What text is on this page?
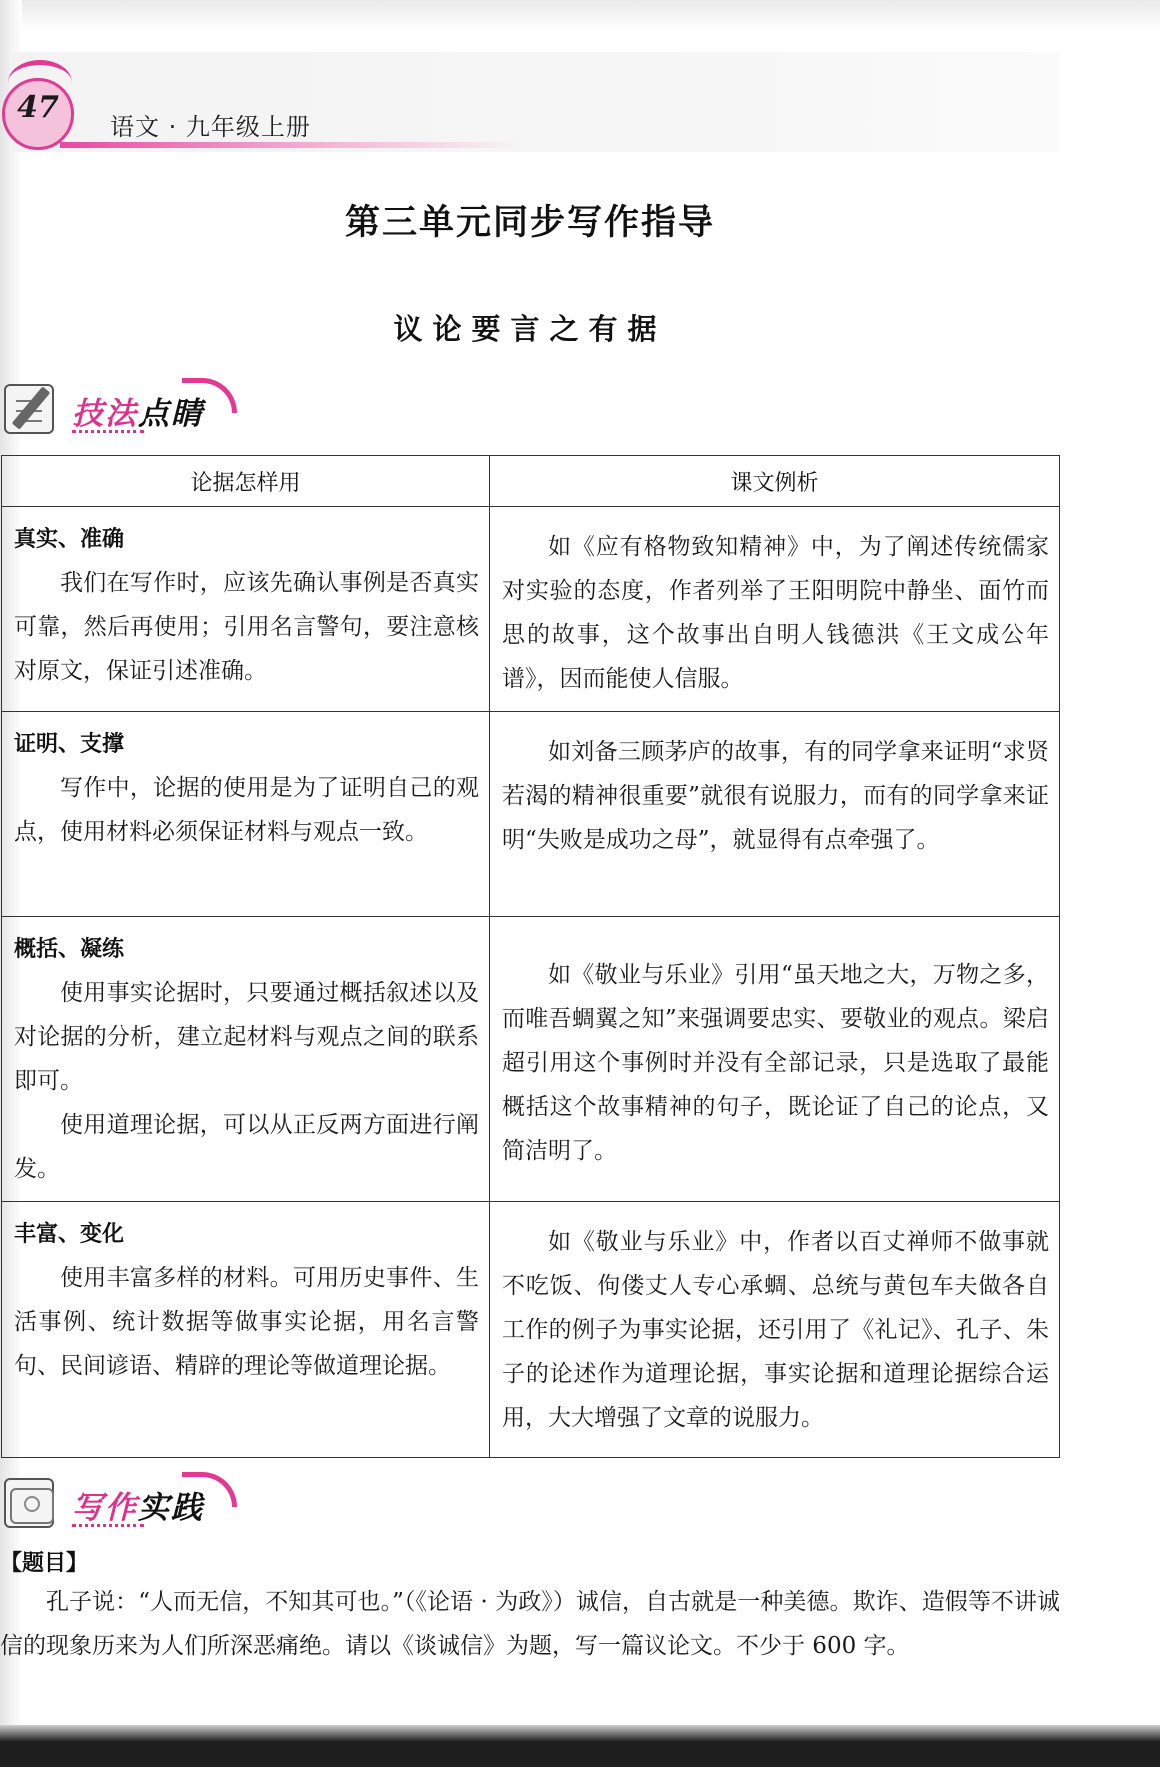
47
语文 · 九年级上册
第三单元同步写作指导
议论要言之有据
技法点睛
论据怎样用	课文例析

真实、准确

我们在写作时，应该先确认事例是否真实可靠，然后再使用；引用名言警句，要注意核对原文，保证引述准确。	如《应有格物致知精神》中，为了阐述传统儒家对实验的态度，作者列举了王阳明院中静坐、面竹而思的故事，这个故事出自明人钱德洪《王文成公年谱》，因而能使人信服。

证明、支撑

写作中，论据的使用是为了证明自己的观点，使用材料必须保证材料与观点一致。	如刘备三顾茅庐的故事，有的同学拿来证明“求贤若渴的精神很重要”就很有说服力，而有的同学拿来证明“失败是成功之母”，就显得有点牵强了。

概括、凝练

使用事实论据时，只要通过概括叙述以及对论据的分析，建立起材料与观点之间的联系即可。

使用道理论据，可以从正反两方面进行阐发。	如《敬业与乐业》引用“虽天地之大，万物之多，而唯吾蜩翼之知”来强调要忠实、要敬业的观点。梁启超引用这个事例时并没有全部记录，只是选取了最能概括这个故事精神的句子，既论证了自己的论点，又简洁明了。

丰富、变化

使用丰富多样的材料。可用历史事件、生活事例、统计数据等做事实论据，用名言警句、民间谚语、精辟的理论等做道理论据。	如《敬业与乐业》中，作者以百丈禅师不做事就不吃饭、佝偻丈人专心承蜩、总统与黄包车夫做各自工作的例子为事实论据，还引用了《礼记》、孔子、朱子的论述作为道理论据，事实论据和道理论据综合运用，大大增强了文章的说服力。

写作实践
【题目】
孔子说：“人而无信，不知其可也。”（《论语 · 为政》）诚信，自古就是一种美德。欺诈、造假等不讲诚信的现象历来为人们所深恶痛绝。请以《谈诚信》为题，写一篇议论文。不少于 600 字。
